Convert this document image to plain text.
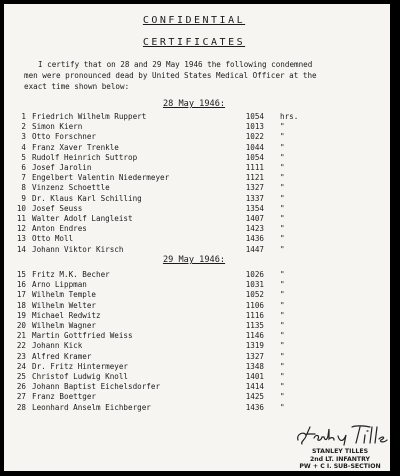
CONFIDENTIAL
CERTIFICATES

I certify that on 28 and 29 May 1946 the following condemned
men were pronounced dead by United States Medical Officer at the
exact time shown below:

28 May 1946:
29 May 1946:
1 Friedrich Wilhelm Ruppert	1054 hrs.
2 Simon Kiern	1013 "
3 Otto Forschner	1022 "
4 Franz Xaver Trenkle	1044 "
5 Rudolf Heinrich Suttrop	1054 "
6 Josef Jarolin	1111 "
7 Engelbert Valentin Niedermeyer	1121 "
8 Vinzenz Schoettle	1327 "
9 Dr. Klaus Karl Schilling	1337 "
10 Josef Seuss	1354 "
11 Walter Adolf Langleist	1407 "
12 Anton Endres	1423 "
13 Otto Moll	1436 "
14 Johann Viktor Kirsch	1447 "
15 Fritz M.K. Becher	1026 "
16 Arno Lippman	1031 "
17 Wilhelm Temple	1052 "
18 Wilhelm Welter	1106 "
19 Michael Redwitz	1116 "
20 Wilhelm Wagner	1135 "
21 Martin Gottfried Weiss	1146 "
22 Johann Kick	1319 "
23 Alfred Kramer	1327 "
24 Dr. Fritz Hintermeyer	1348 "
25 Christof Ludwig Knoll	1401 "
26 Johann Baptist Eichelsdorfer	1414 "
27 Franz Boettger	1425 "
28 Leonhard Anselm Eichberger	1436 "
STANLEY TILLES
2nd LT. INFANTRY
PW + C I. SUB-SECTION
